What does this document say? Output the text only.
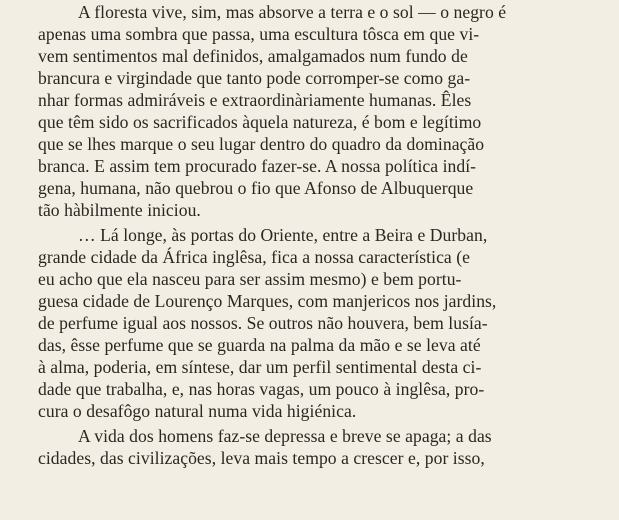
A floresta vive, sim, mas absorve a terra e o sol — o negro é
apenas uma sombra que passa, uma escultura tôsca em que vi-
vem sentimentos mal definidos, amalgamados num fundo de
brancura e virgindade que tanto pode corromper-se como ga-
nhar formas admiráveis e extraordinàriamente humanas. Êles
que têm sido os sacrificados àquela natureza, é bom e legítimo
que se lhes marque o seu lugar dentro do quadro da dominação
branca. E assim tem procurado fazer-se. A nossa política indí-
gena, humana, não quebrou o fio que Afonso de Albuquerque
tão hàbilmente iniciou.
… Lá longe, às portas do Oriente, entre a Beira e Durban,
grande cidade da África inglêsa, fica a nossa característica (e
eu acho que ela nasceu para ser assim mesmo) e bem portu-
guesa cidade de Lourenço Marques, com manjericos nos jardins,
de perfume igual aos nossos. Se outros não houvera, bem lusía-
das, êsse perfume que se guarda na palma da mão e se leva até
à alma, poderia, em síntese, dar um perfil sentimental desta ci-
dade que trabalha, e, nas horas vagas, um pouco à inglêsa, pro-
cura o desafôgo natural numa vida higiénica.
A vida dos homens faz-se depressa e breve se apaga; a das
cidades, das civilizações, leva mais tempo a crescer e, por isso,
